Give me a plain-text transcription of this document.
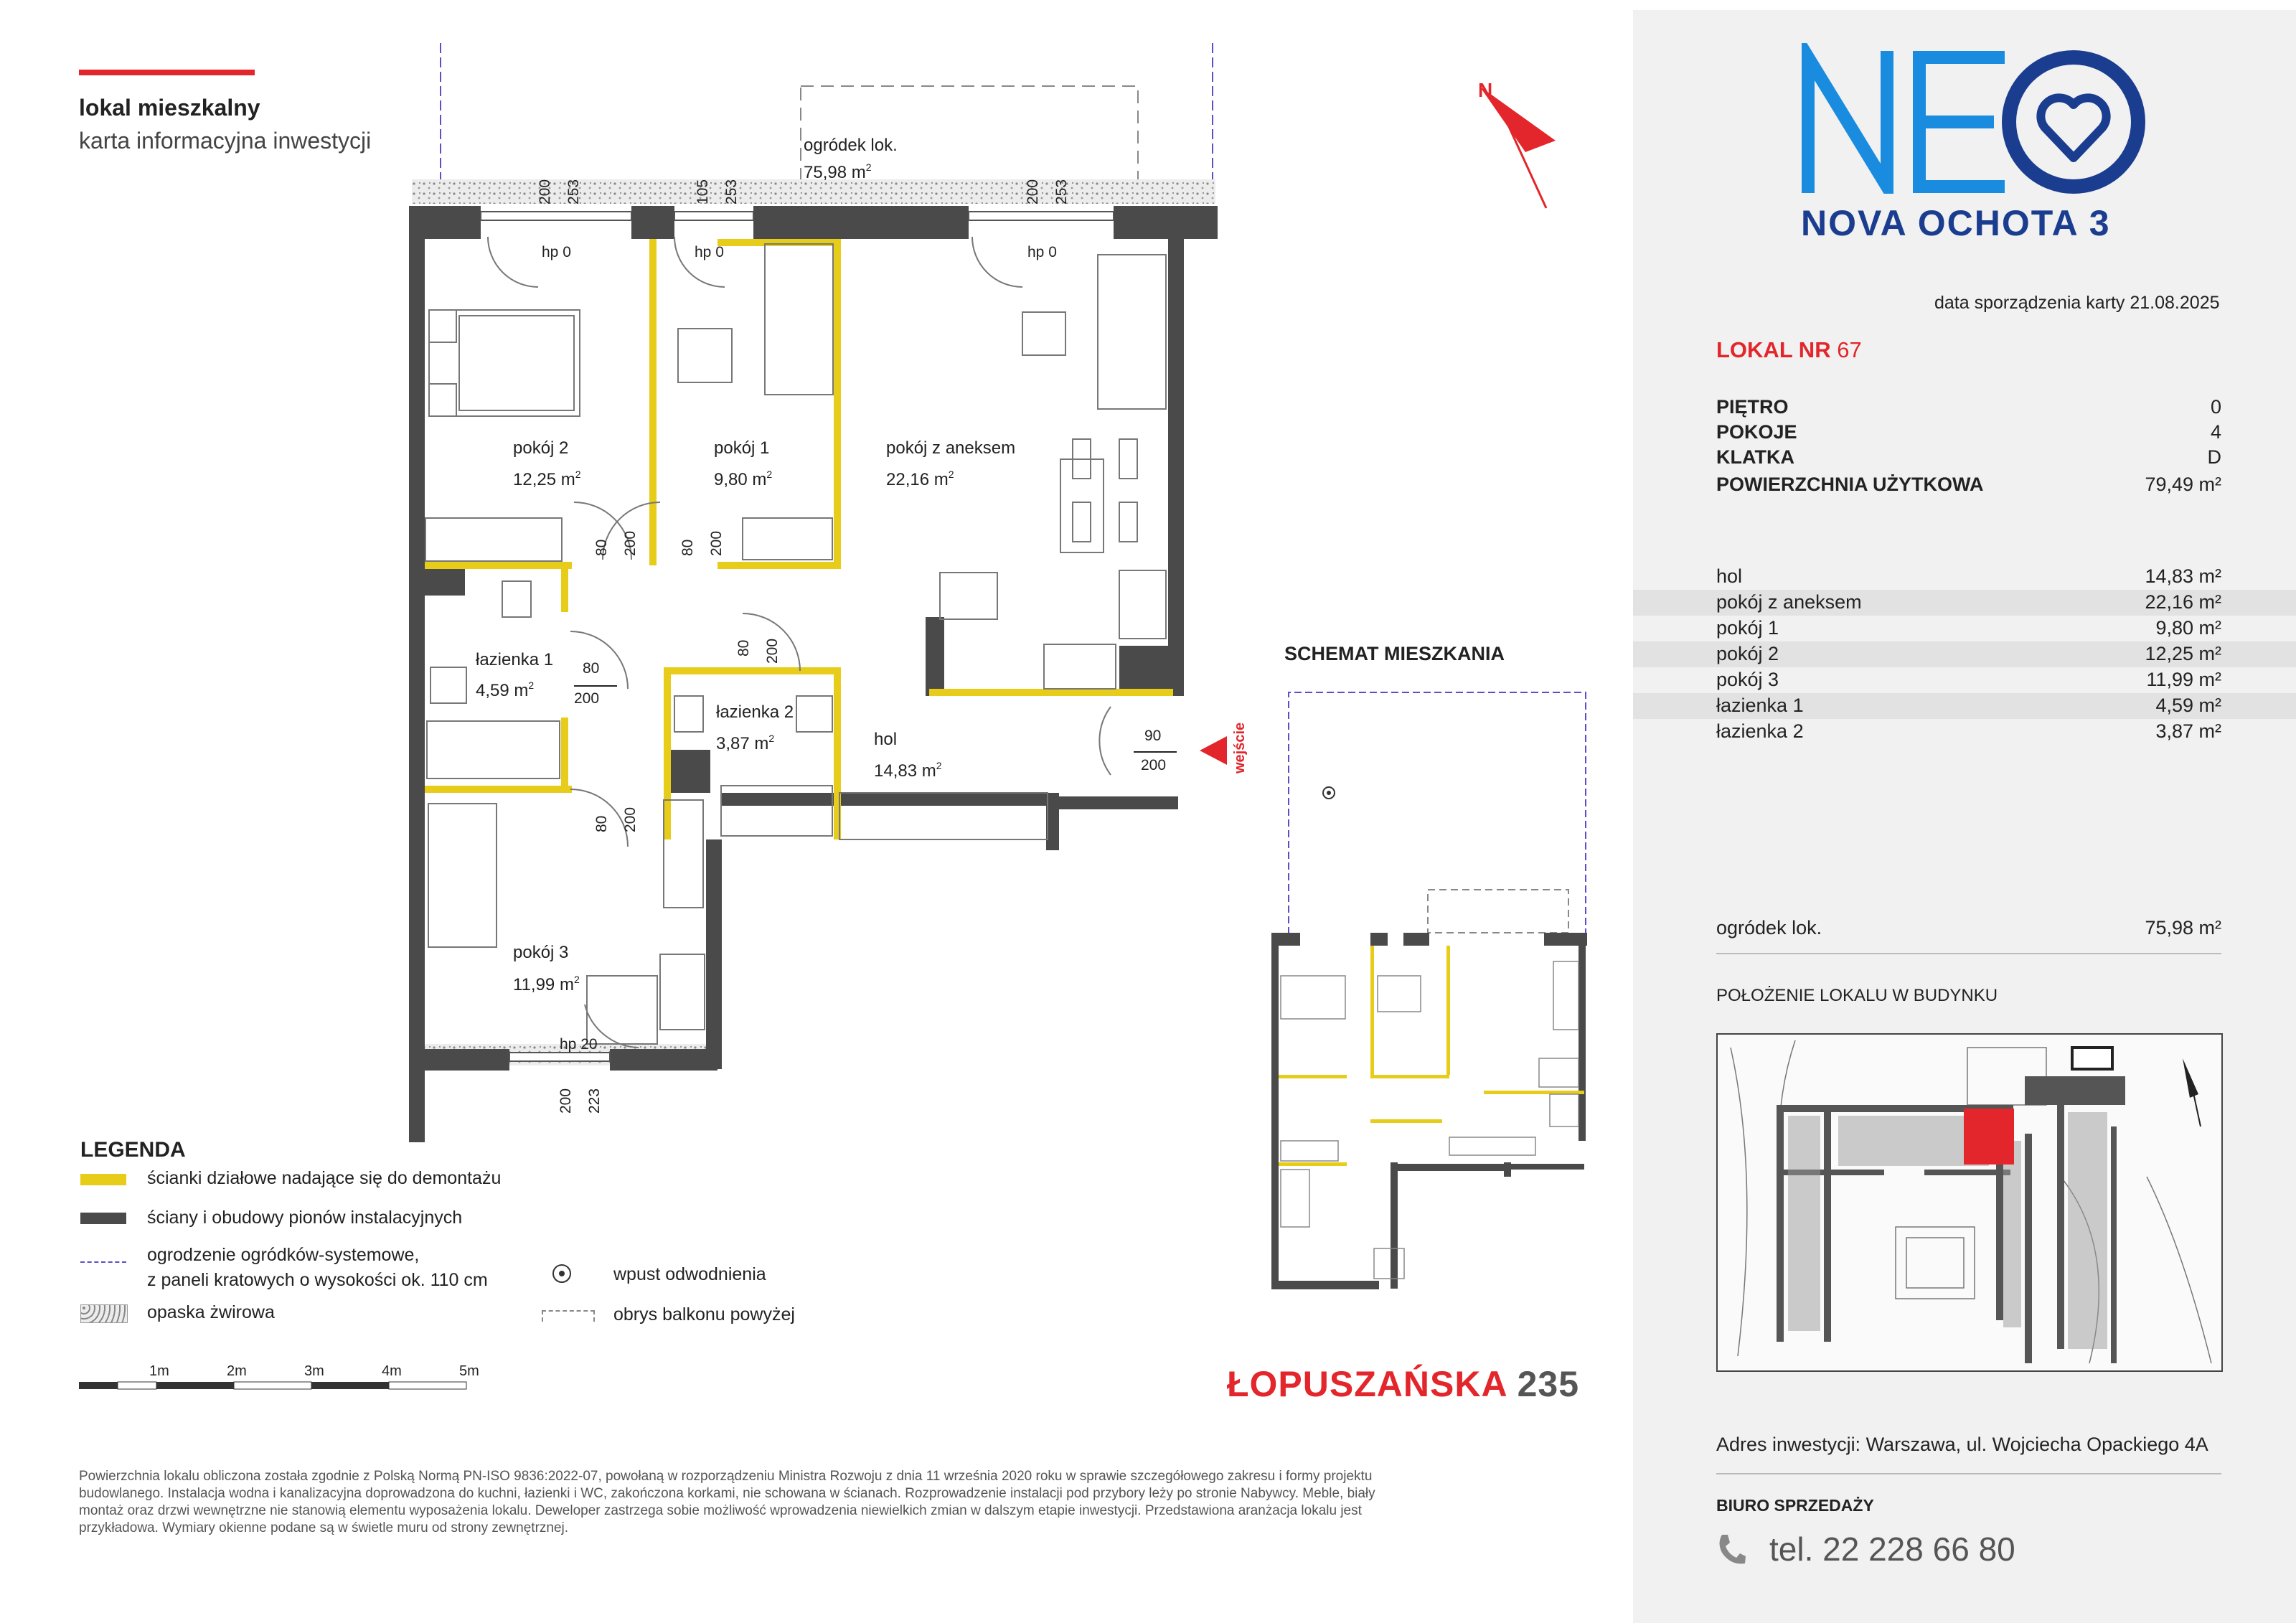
lokal mieszkalny
karta informacyjna inwestycji
pokój 2
12,25 $m^2$
pokój 1
9,80 $m^2$
pokój z aneksem
22,16 $m^2$
łazienka 1
4,59 $m^2$
łazienka 2
3,87 $m^2$	hol
14,83 $m^2$
pokój 3
11,99 $m^2$
ogródek lok.
75,98 $m^2$
hp 0	hp 0	hp 0
hp 20
200 253	105 253	200 253
80 200	80 200
80
200
80 200
80 200
90
200
200 223
wejście
N
SCHEMAT MIESZKANIA
1m	2m	3m	4m	5m
LEGENDA
ścianki działowe nadające się do demontażu
ściany i obudowy pionów instalacyjnych
ogrodzenie ogródków-systemowe,
z paneli kratowych o wysokości ok. 110 cm
opaska żwirowa
wpust odwodnienia
obrys balkonu powyżej
ŁOPUSZAŃSKA 235
Powierzchnia lokalu obliczona została zgodnie z Polską Normą PN-ISO 9836:2022-07, powołaną w rozporządzeniu Ministra Rozwoju z dnia 11 września 2020 roku w sprawie szczegółowego zakresu i formy projektu
budowlanego. Instalacja wodna i kanalizacyjna doprowadzona do kuchni, łazienki i WC, zakończona korkami, nie schowana w ścianach. Rozprowadzenie instalacji pod przybory leży po stronie Nabywcy. Meble, biały
montaż oraz drzwi wewnętrzne nie stanowią elementu wyposażenia lokalu. Deweloper zastrzega sobie możliwość wprowadzenia niewielkich zmian w dalszym etapie inwestycji. Przedstawiona aranżacja lokalu jest
przykładowa. Wymiary okienne podane są w świetle muru od strony zewnętrznej.
NOVA OCHOTA 3
data sporządzenia karty 21.08.2025
LOKAL NR 67
PIĘTRO	0
POKOJE	4
KLATKA	D
POWIERZCHNIA UŻYTKOWA	79,49 m²
hol	14,83 m²
pokój z aneksem	22,16 m²
pokój 1	9,80 m²
pokój 2	12,25 m²
pokój 3	11,99 m²
łazienka 1	4,59 m²
łazienka 2	3,87 m²
ogródek lok.	75,98 m²
POŁOŻENIE LOKALU W BUDYNKU
Adres inwestycji: Warszawa, ul. Wojciecha Opackiego 4A
BIURO SPRZEDAŻY
tel. 22 228 66 80
